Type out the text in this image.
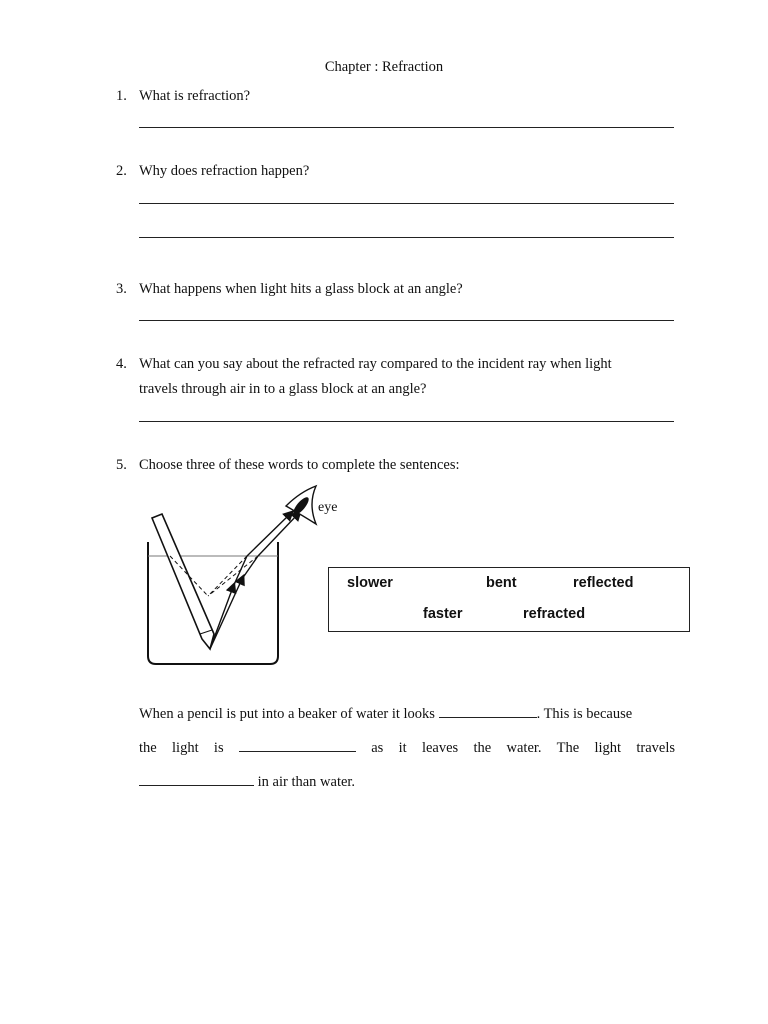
Chapter : Refraction
1. What is refraction?
2. Why does refraction happen?
3. What happens when light hits a glass block at an angle?
4. What can you say about the refracted ray compared to the incident ray when light
travels through air in to a glass block at an angle?
5. Choose three of these words to complete the sentences:
eye
slower	bent	reflected
faster	refracted
When a pencil is put into a beaker of water it looks	. This is because
the light is	as it leaves the water. The light travels
in air than water.
